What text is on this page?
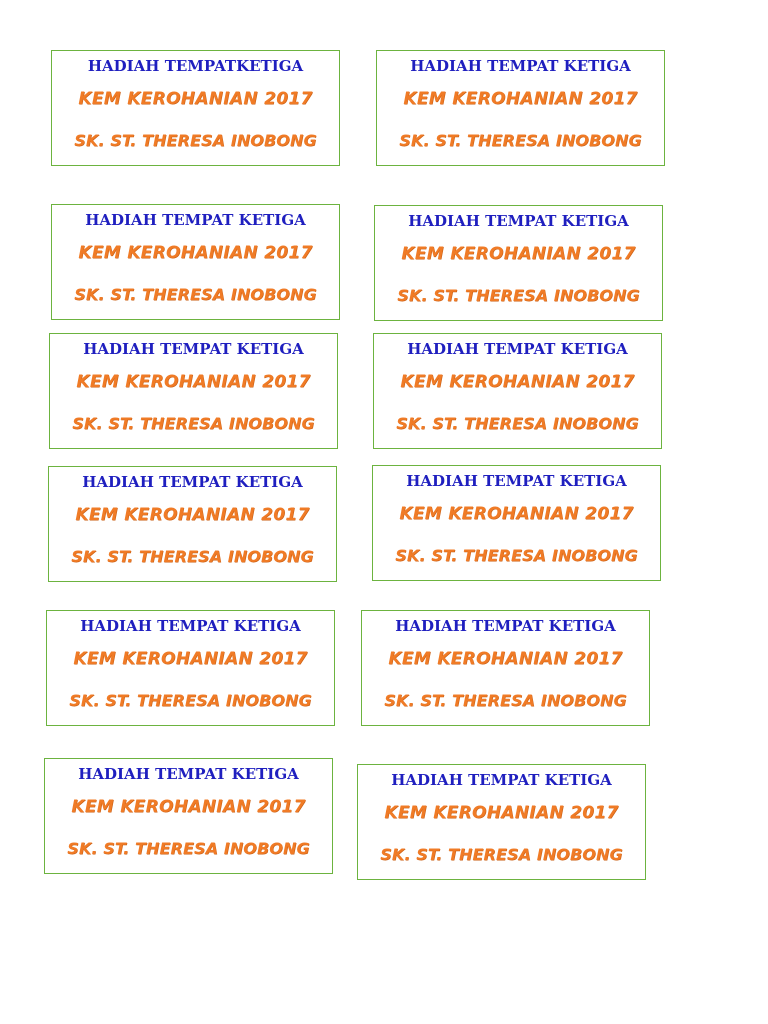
HADIAH TEMPATKETIGA
KEM KEROHANIAN 2017
SK. ST. THERESA INOBONG
HADIAH TEMPAT KETIGA
KEM KEROHANIAN 2017
SK. ST. THERESA INOBONG
HADIAH TEMPAT KETIGA
KEM KEROHANIAN 2017
SK. ST. THERESA INOBONG
HADIAH TEMPAT KETIGA
KEM KEROHANIAN 2017
SK. ST. THERESA INOBONG
HADIAH TEMPAT KETIGA
KEM KEROHANIAN 2017
SK. ST. THERESA INOBONG
HADIAH TEMPAT KETIGA
KEM KEROHANIAN 2017
SK. ST. THERESA INOBONG
HADIAH TEMPAT KETIGA
KEM KEROHANIAN 2017
SK. ST. THERESA INOBONG
HADIAH TEMPAT KETIGA
KEM KEROHANIAN 2017
SK. ST. THERESA INOBONG
HADIAH TEMPAT KETIGA
KEM KEROHANIAN 2017
SK. ST. THERESA INOBONG
HADIAH TEMPAT KETIGA
KEM KEROHANIAN 2017
SK. ST. THERESA INOBONG
HADIAH TEMPAT KETIGA
KEM KEROHANIAN 2017
SK. ST. THERESA INOBONG
HADIAH TEMPAT KETIGA
KEM KEROHANIAN 2017
SK. ST. THERESA INOBONG
